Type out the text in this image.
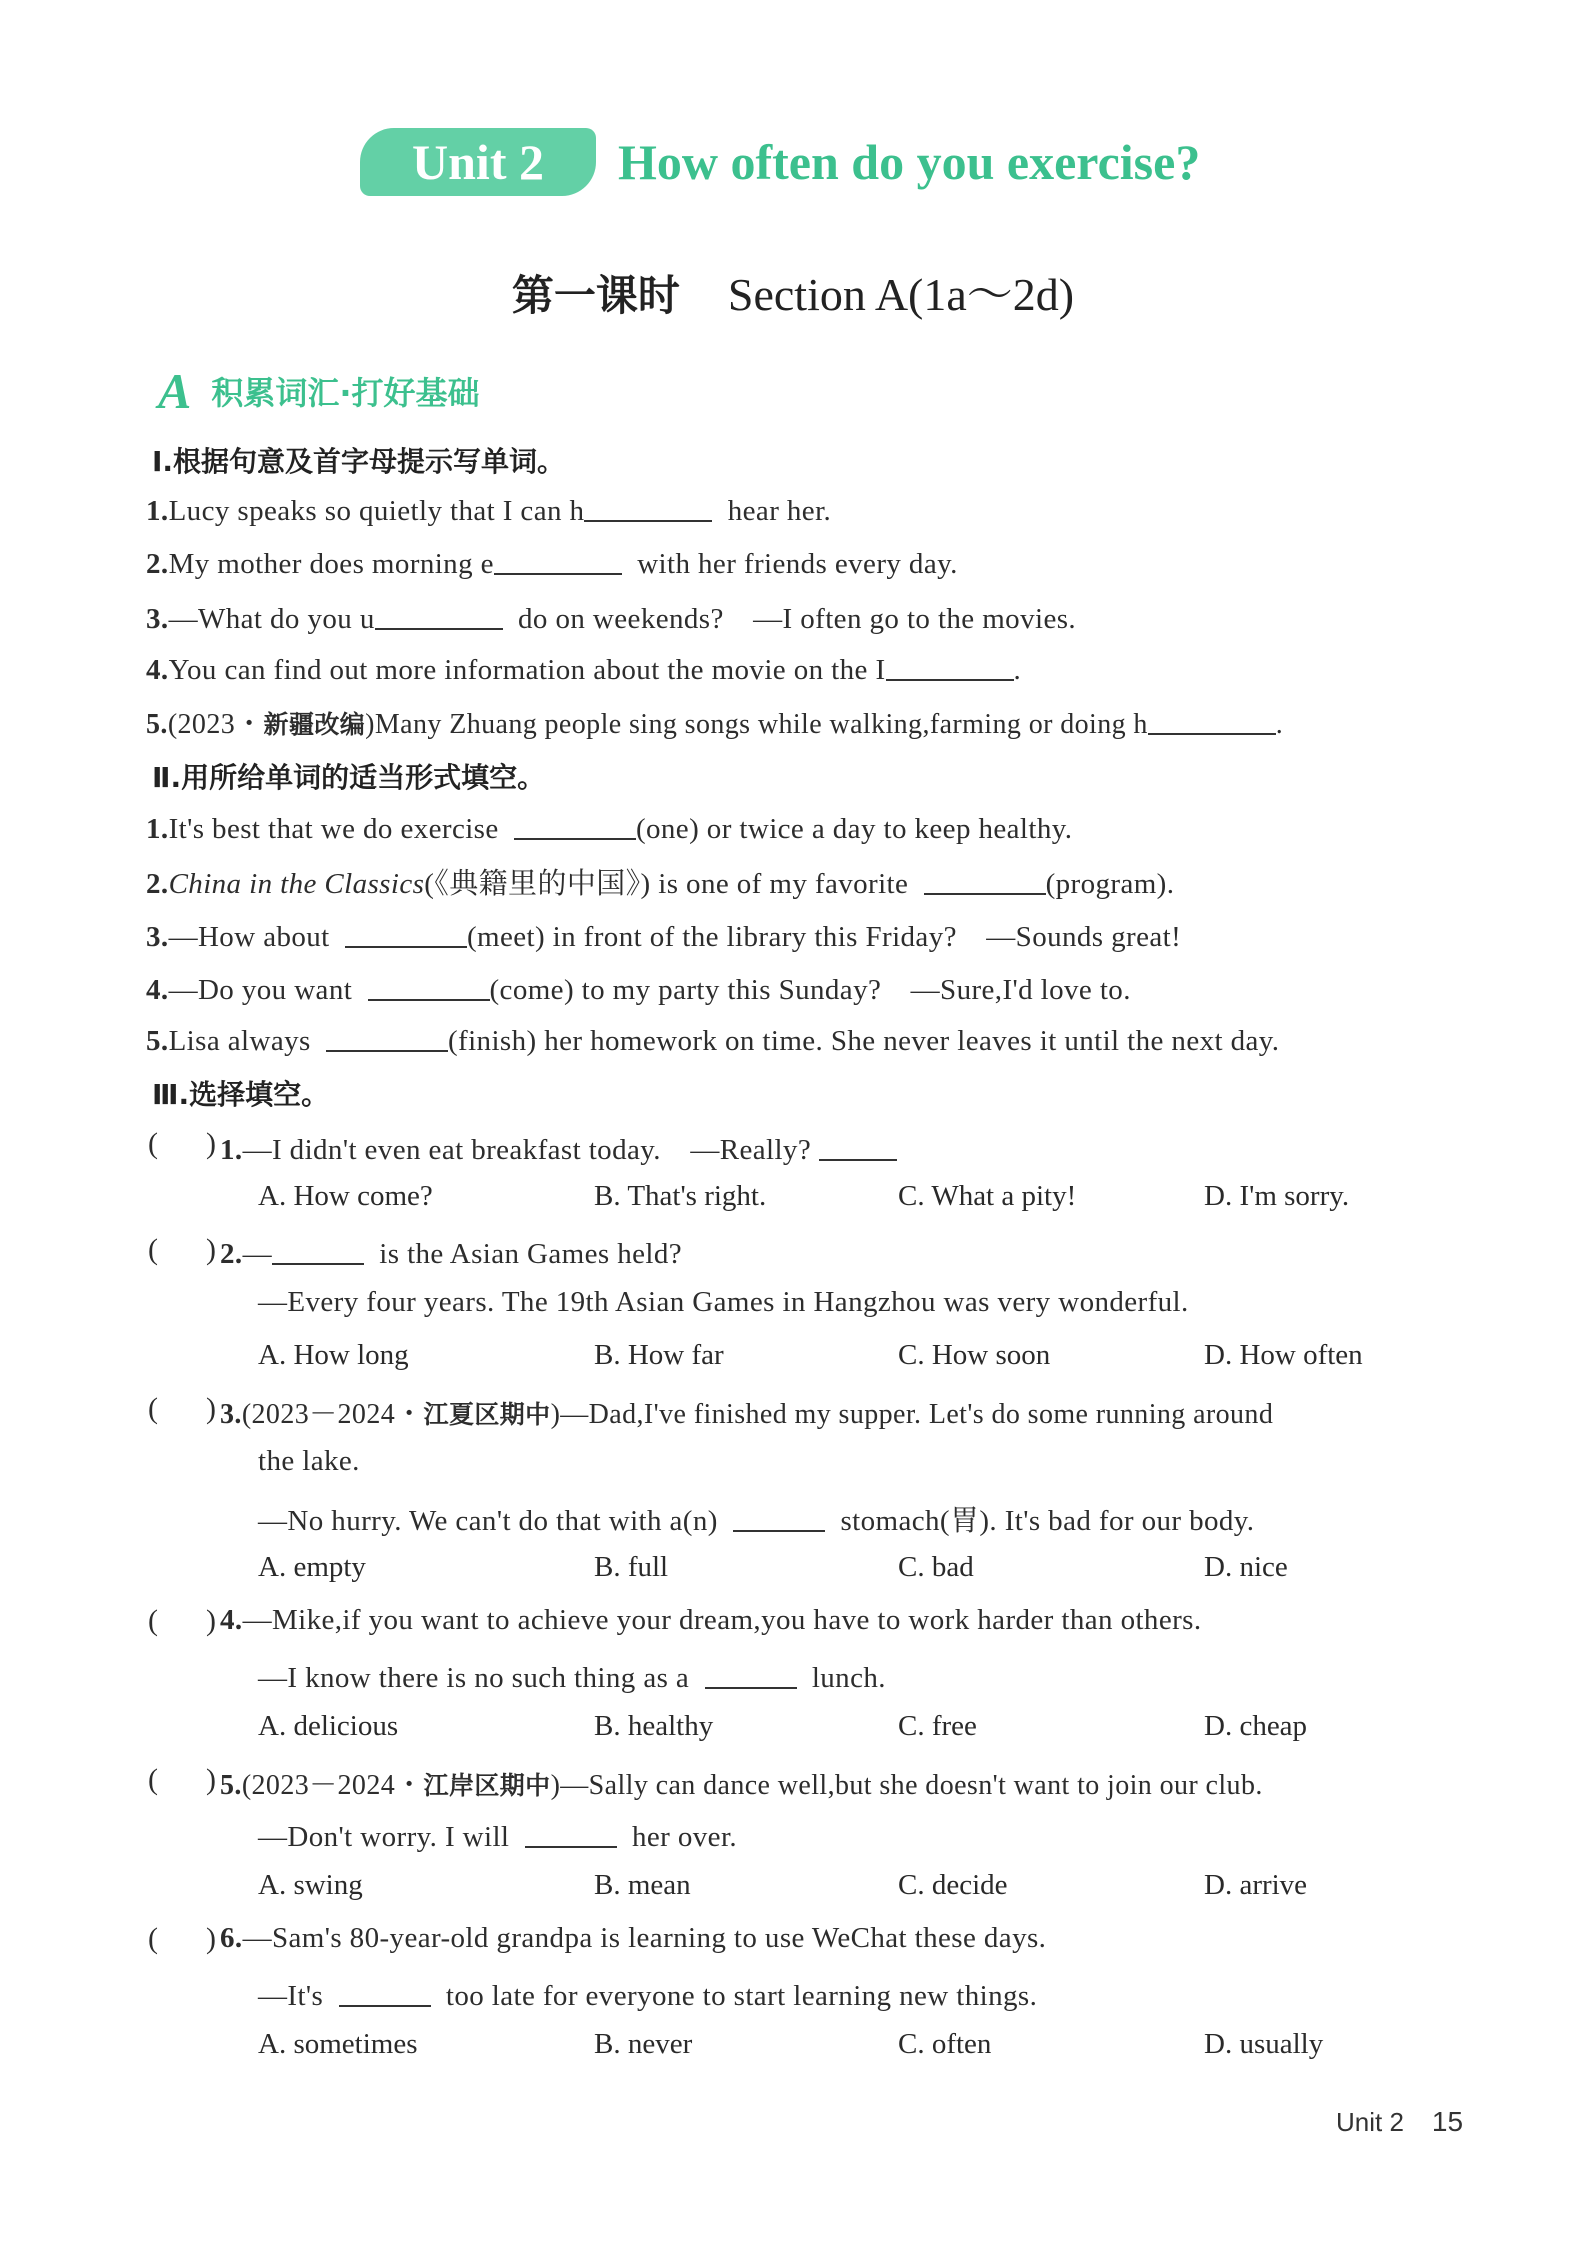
Unit 2	How often do you exercise?
第一课时 Section A(1a～2d)
A积累词汇·打好基础
Ⅰ.根据句意及首字母提示写单词。
1.Lucy speaks so quietly that I can h	hear her.
2.My mother does morning e	with her friends every day.
3.—What do you u	do on weekends?　—I often go to the movies.
4.You can find out more information about the movie on the I	.
5.(2023・新疆改编)Many Zhuang people sing songs while walking,farming or doing h	.
Ⅱ.用所给单词的适当形式填空。
1.It's best that we do exercise	(one) or twice a day to keep healthy.
2.China in the Classics(《典籍里的中国》) is one of my favorite	(program).
3.—How about	(meet) in front of the library this Friday?　—Sounds great!
4.—Do you want	(come) to my party this Sunday?　—Sure,I'd love to.
5.Lisa always	(finish) her homework on time. She never leaves it until the next day.
Ⅲ.选择填空。
( ) 1.—I didn't even eat breakfast today.　—Really?
A. How come?	B. That's right.	C. What a pity!	D. I'm sorry.
( ) 2.—	is the Asian Games held?
—Every four years. The 19th Asian Games in Hangzhou was very wonderful.
A. How long	B. How far	C. How soon	D. How often
( ) 3.(2023－2024・江夏区期中)—Dad,I've finished my supper. Let's do some running around
the lake.
—No hurry. We can't do that with a(n)	stomach(胃). It's bad for our body.
A. empty	B. full	C. bad	D. nice
( ) 4.—Mike,if you want to achieve your dream,you have to work harder than others.
—I know there is no such thing as a	lunch.
A. delicious	B. healthy	C. free	D. cheap
( ) 5.(2023－2024・江岸区期中)—Sally can dance well,but she doesn't want to join our club.
—Don't worry. I will	her over.
A. swing	B. mean	C. decide	D. arrive
( ) 6.—Sam's 80-year-old grandpa is learning to use WeChat these days.
—It's	too late for everyone to start learning new things.
A. sometimes	B. never	C. often	D. usually
Unit 2 15
